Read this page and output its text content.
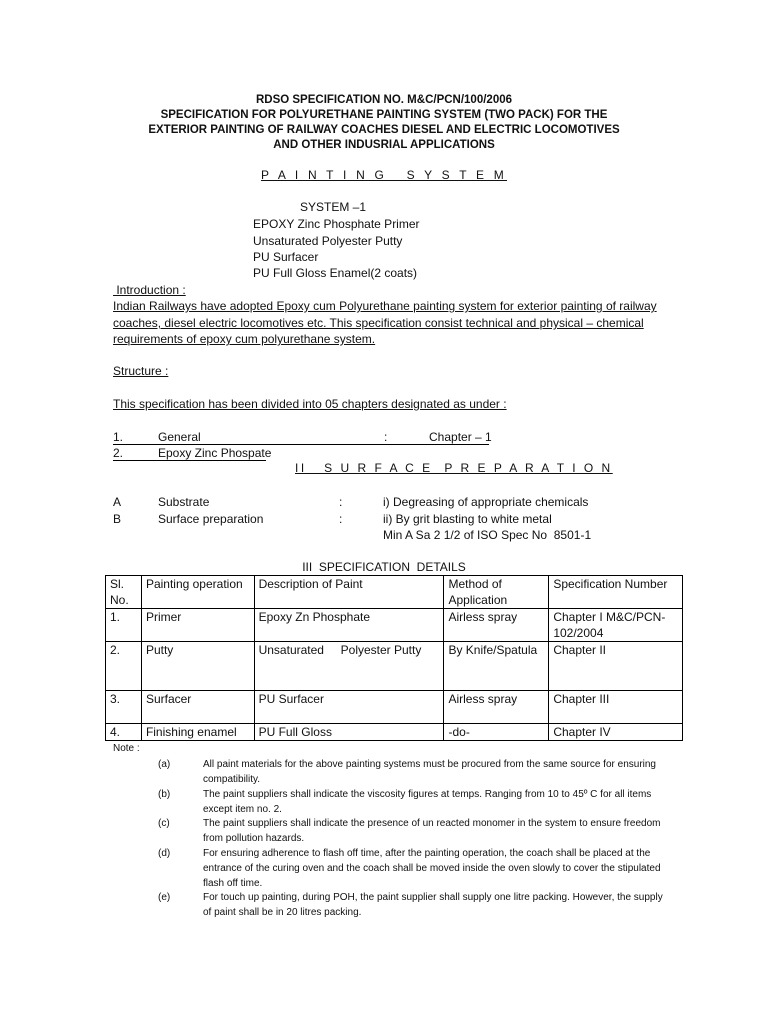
RDSO SPECIFICATION NO. M&C/PCN/100/2006
SPECIFICATION FOR POLYURETHANE PAINTING SYSTEM (TWO PACK) FOR THE
EXTERIOR PAINTING OF RAILWAY COACHES DIESEL AND ELECTRIC LOCOMOTIVES
AND OTHER INDUSRIAL APPLICATIONS
P A I N T I N G   S Y S T E M
SYSTEM –1
EPOXY Zinc Phosphate Primer
Unsaturated Polyester Putty
PU Surfacer
PU Full Gloss Enamel(2 coats)
Introduction :
Indian Railways have adopted Epoxy cum Polyurethane painting system for exterior painting of railway
coaches, diesel electric locomotives etc. This specification consist technical and physical – chemical
requirements of epoxy cum polyurethane system.
Structure :
This specification has been divided into 05 chapters designated as under :
1.	General	:	Chapter – 1
2.	Epoxy Zinc Phospate
II   S U R F A C E  P R E P A R A T I O N
A	Substrate	:	i) Degreasing of appropriate chemicals
B	Surface preparation	:	ii) By grit blasting to white metal
Min A Sa 2 1/2 of ISO Spec No  8501-1
III  SPECIFICATION  DETAILS
Sl. No.	Painting operation	Description of Paint	Method of Application	Specification Number
1.	Primer	Epoxy Zn Phosphate	Airless spray	Chapter I M&C/PCN-102/2004
2.	Putty	Unsaturated     Polyester Putty	By Knife/Spatula	Chapter II
3.	Surfacer	PU Surfacer	Airless spray	Chapter III
4.	Finishing enamel	PU Full Gloss	-do-	Chapter IV
Note :
(a)	All paint materials for the above painting systems must be procured from the same source for ensuring compatibility.
(b)	The paint suppliers shall indicate the viscosity figures at temps. Ranging from 10 to 45º C for all items except item no. 2.
(c)	The paint suppliers shall indicate the presence of un reacted monomer in the system to ensure freedom from pollution hazards.
(d)	For ensuring adherence to flash off time, after the painting operation, the coach shall be placed at the entrance of the curing oven and the coach shall be moved inside the oven slowly to cover the stipulated flash off time.
(e)	For touch up painting, during POH, the paint supplier shall supply one litre packing. However, the supply of paint shall be in 20 litres packing.
